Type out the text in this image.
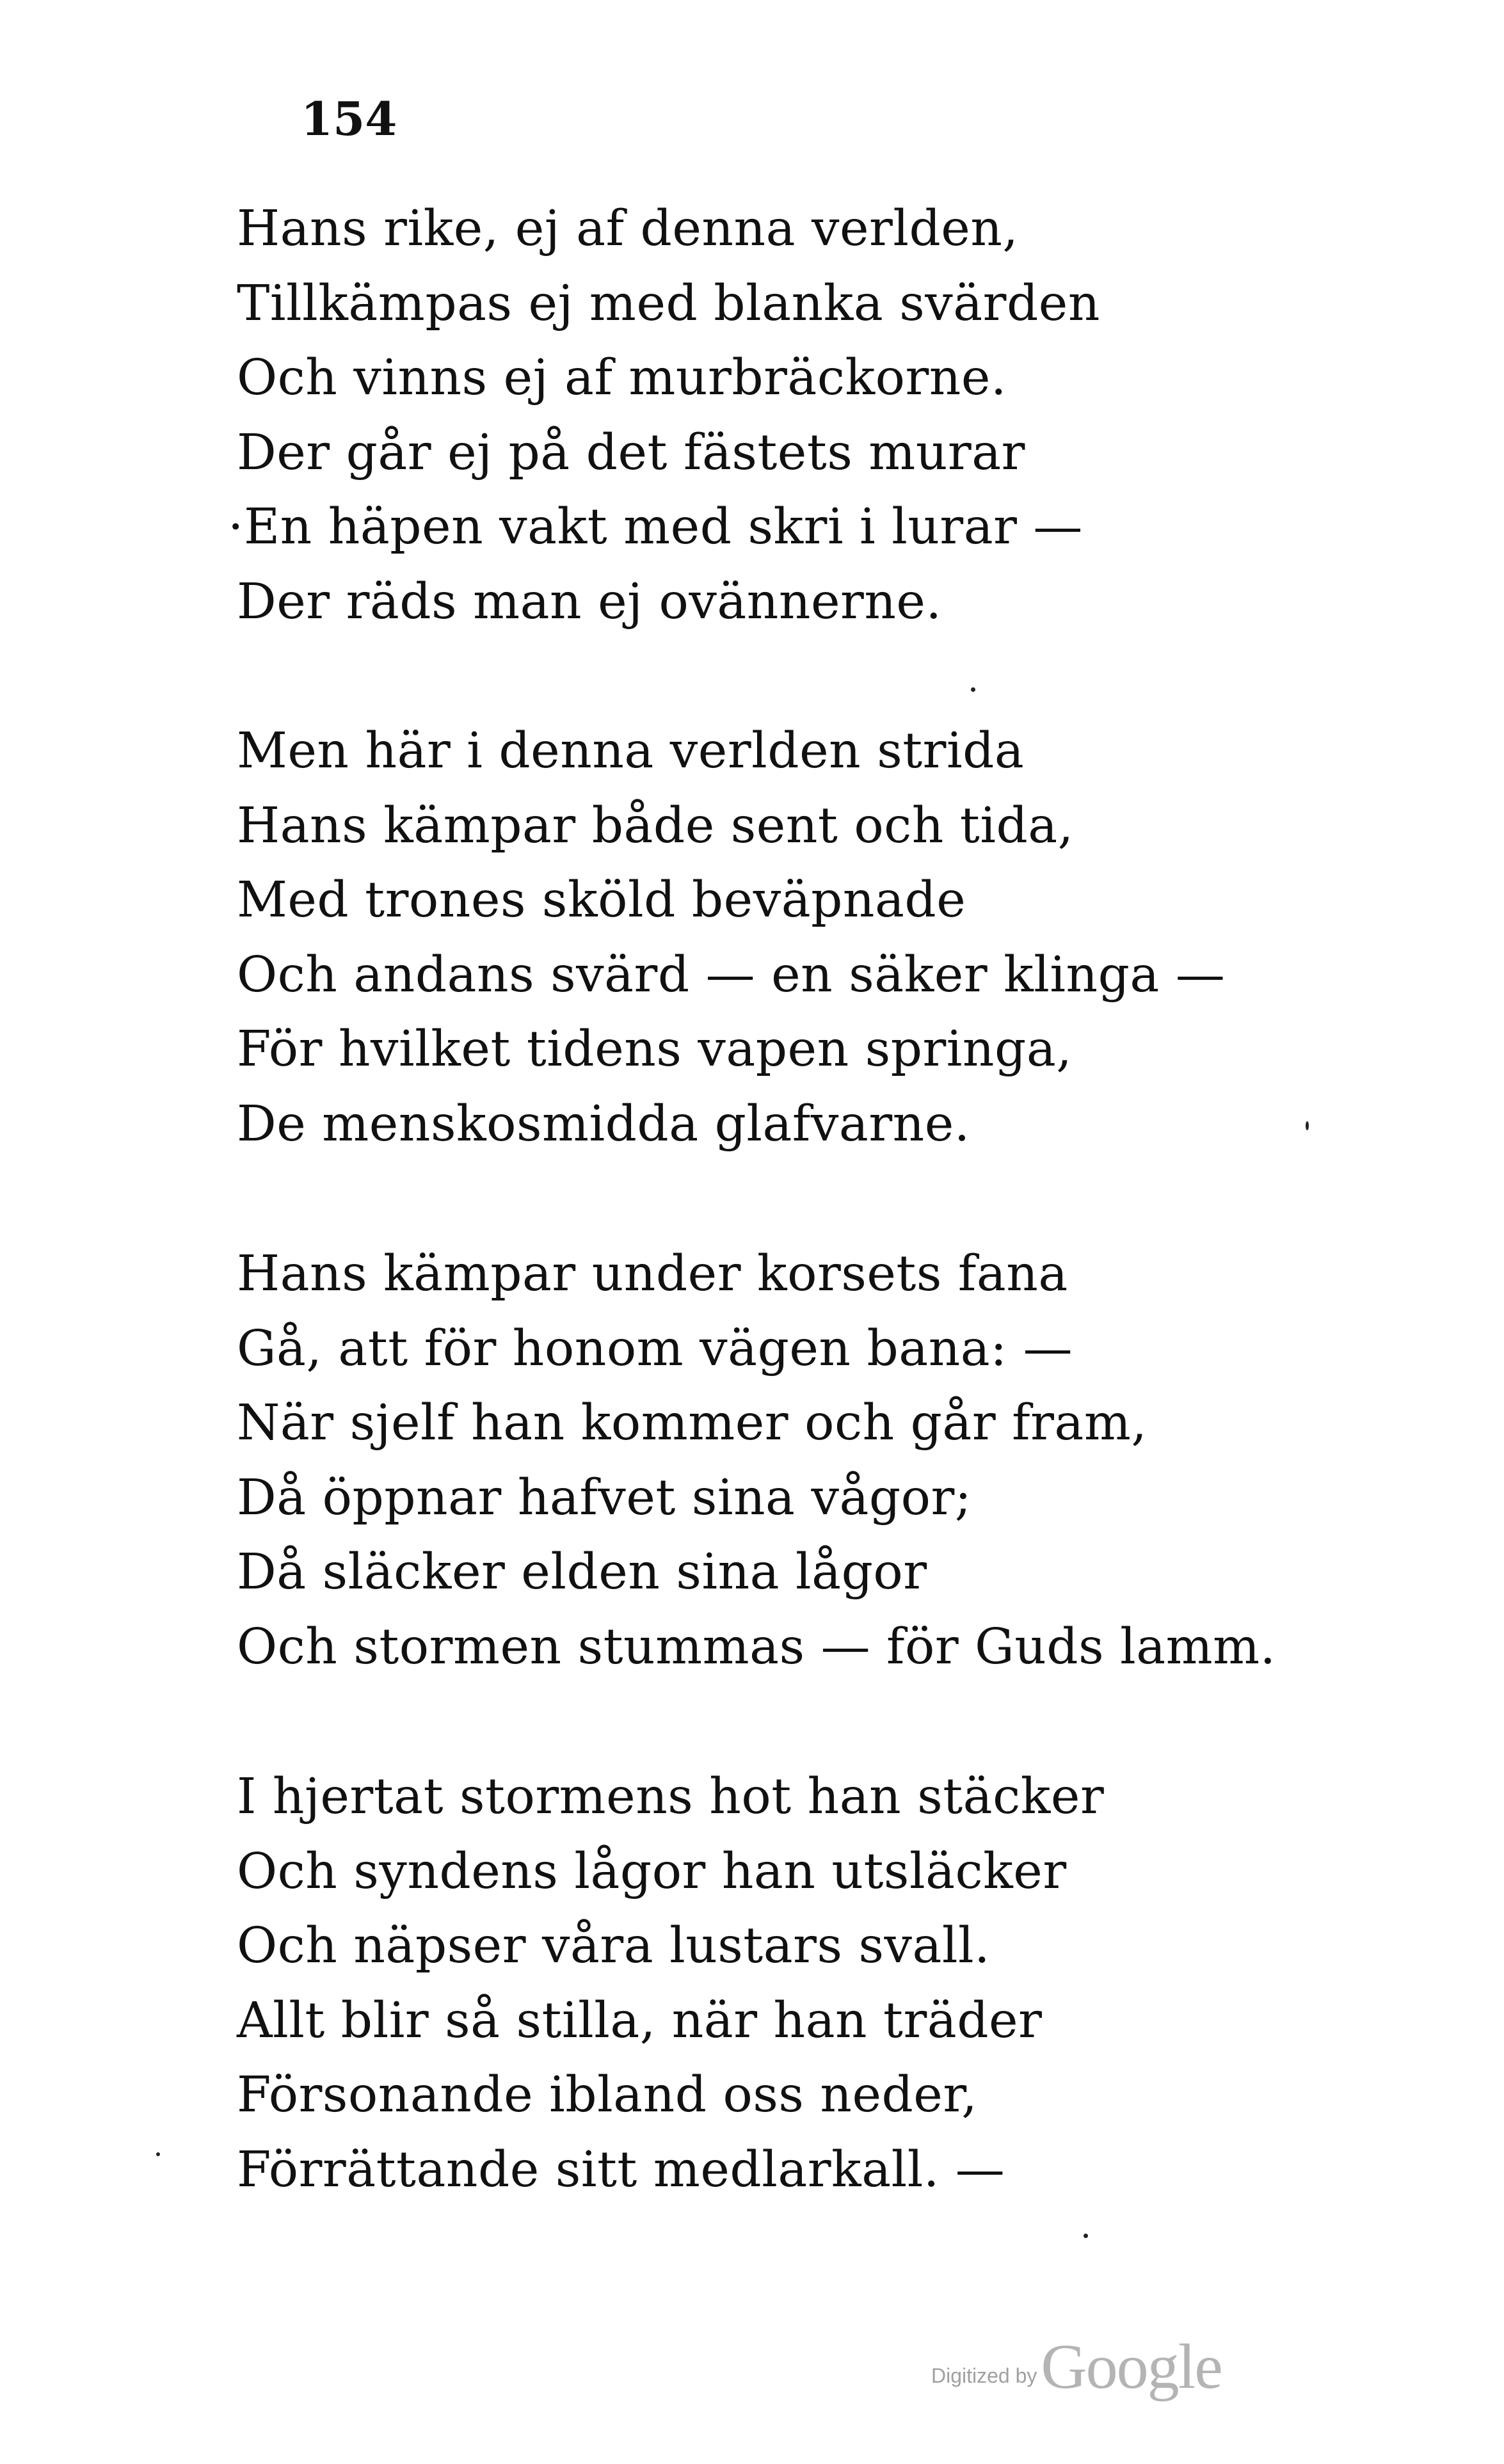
154
Hans rike, ej af denna verlden,
Tillkämpas ej med blanka svärden
Och vinns ej af murbräckorne.
Der går ej på det fästets murar
·En häpen vakt med skri i lurar —
Der räds man ej ovännerne.
Men här i denna verlden strida
Hans kämpar både sent och tida,
Med trones sköld beväpnade
Och andans svärd — en säker klinga —
För hvilket tidens vapen springa,
De menskosmidda glafvarne.
Hans kämpar under korsets fana
Gå, att för honom vägen bana: —
När sjelf han kommer och går fram,
Då öppnar hafvet sina vågor;
Då släcker elden sina lågor
Och stormen stummas — för Guds lamm.
I hjertat stormens hot han stäcker
Och syndens lågor han utsläcker
Och näpser våra lustars svall.
Allt blir så stilla, när han träder
Försonande ibland oss neder,
Förrättande sitt medlarkall. —
Digitized byGoogle
